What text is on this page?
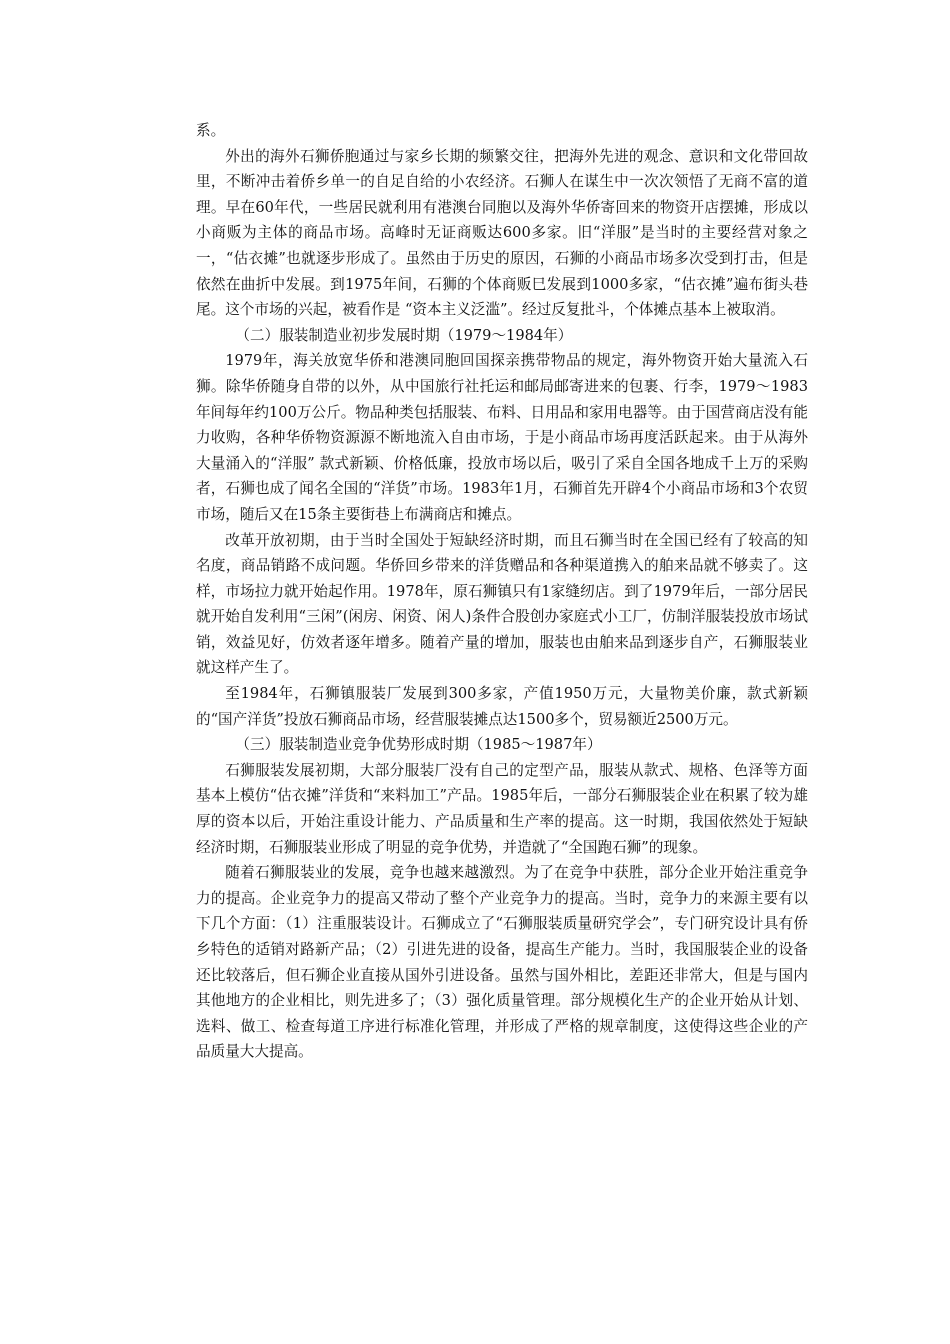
系。

外出的海外石狮侨胞通过与家乡长期的频繁交往，把海外先进的观念、意识和文化带回故里，不断冲击着侨乡单一的自足自给的小农经济。石狮人在谋生中一次次领悟了无商不富的道理。早在60年代，一些居民就利用有港澳台同胞以及海外华侨寄回来的物资开店摆摊，形成以小商贩为主体的商品市场。高峰时无证商贩达600多家。旧“洋服”是当时的主要经营对象之一，“估衣摊”也就逐步形成了。虽然由于历史的原因，石狮的小商品市场多次受到打击，但是依然在曲折中发展。到1975年间，石狮的个体商贩巳发展到1000多家，“估衣摊”遍布街头巷尾。这个市场的兴起，被看作是 “资本主义泛滥”。经过反复批斗，个体摊点基本上被取消。

（二）服装制造业初步发展时期（1979～1984年）

1979年，海关放宽华侨和港澳同胞回国探亲携带物品的规定，海外物资开始大量流入石狮。除华侨随身自带的以外，从中国旅行社托运和邮局邮寄进来的包裹、行李，1979～1983年间每年约100万公斤。物品种类包括服装、布料、日用品和家用电器等。由于国营商店没有能力收购，各种华侨物资源源不断地流入自由市场，于是小商品市场再度活跃起来。由于从海外大量涌入的“洋服” 款式新颖、价格低廉，投放市场以后，吸引了采自全国各地成千上万的采购者，石狮也成了闻名全国的“洋货”市场。1983年1月，石狮首先开辟4个小商品市场和3个农贸市场，随后又在15条主要街巷上布满商店和摊点。

改革开放初期，由于当时全国处于短缺经济时期，而且石狮当时在全国已经有了较高的知名度，商品销路不成问题。华侨回乡带来的洋货赠品和各种渠道携入的舶来品就不够卖了。这样，市场拉力就开始起作用。1978年，原石狮镇只有1家缝纫店。到了1979年后，一部分居民就开始自发利用“三闲”(闲房、闲资、闲人)条件合股创办家庭式小工厂，仿制洋服装投放市场试销，效益见好，仿效者逐年增多。随着产量的增加，服装也由舶来品到逐步自产，石狮服装业就这样产生了。

至1984年，石狮镇服装厂发展到300多家，产值1950万元，大量物美价廉，款式新颖的“国产洋货”投放石狮商品市场，经营服装摊点达1500多个，贸易额近2500万元。

（三）服装制造业竞争优势形成时期（1985～1987年）

石狮服装发展初期，大部分服装厂没有自己的定型产品，服装从款式、规格、色泽等方面基本上模仿“估衣摊”洋货和“来料加工”产品。1985年后，一部分石狮服装企业在积累了较为雄厚的资本以后，开始注重设计能力、产品质量和生产率的提高。这一时期，我国依然处于短缺经济时期，石狮服装业形成了明显的竞争优势，并造就了“全国跑石狮”的现象。

随着石狮服装业的发展，竞争也越来越激烈。为了在竞争中获胜，部分企业开始注重竞争力的提高。企业竞争力的提高又带动了整个产业竞争力的提高。当时，竞争力的来源主要有以下几个方面：（1）注重服装设计。石狮成立了“石狮服装质量研究学会”，专门研究设计具有侨乡特色的适销对路新产品；（2）引进先进的设备，提高生产能力。当时，我国服装企业的设备还比较落后，但石狮企业直接从国外引进设备。虽然与国外相比，差距还非常大，但是与国内其他地方的企业相比，则先进多了；（3）强化质量管理。部分规模化生产的企业开始从计划、选料、做工、检查每道工序进行标准化管理，并形成了严格的规章制度，这使得这些企业的产品质量大大提高。
